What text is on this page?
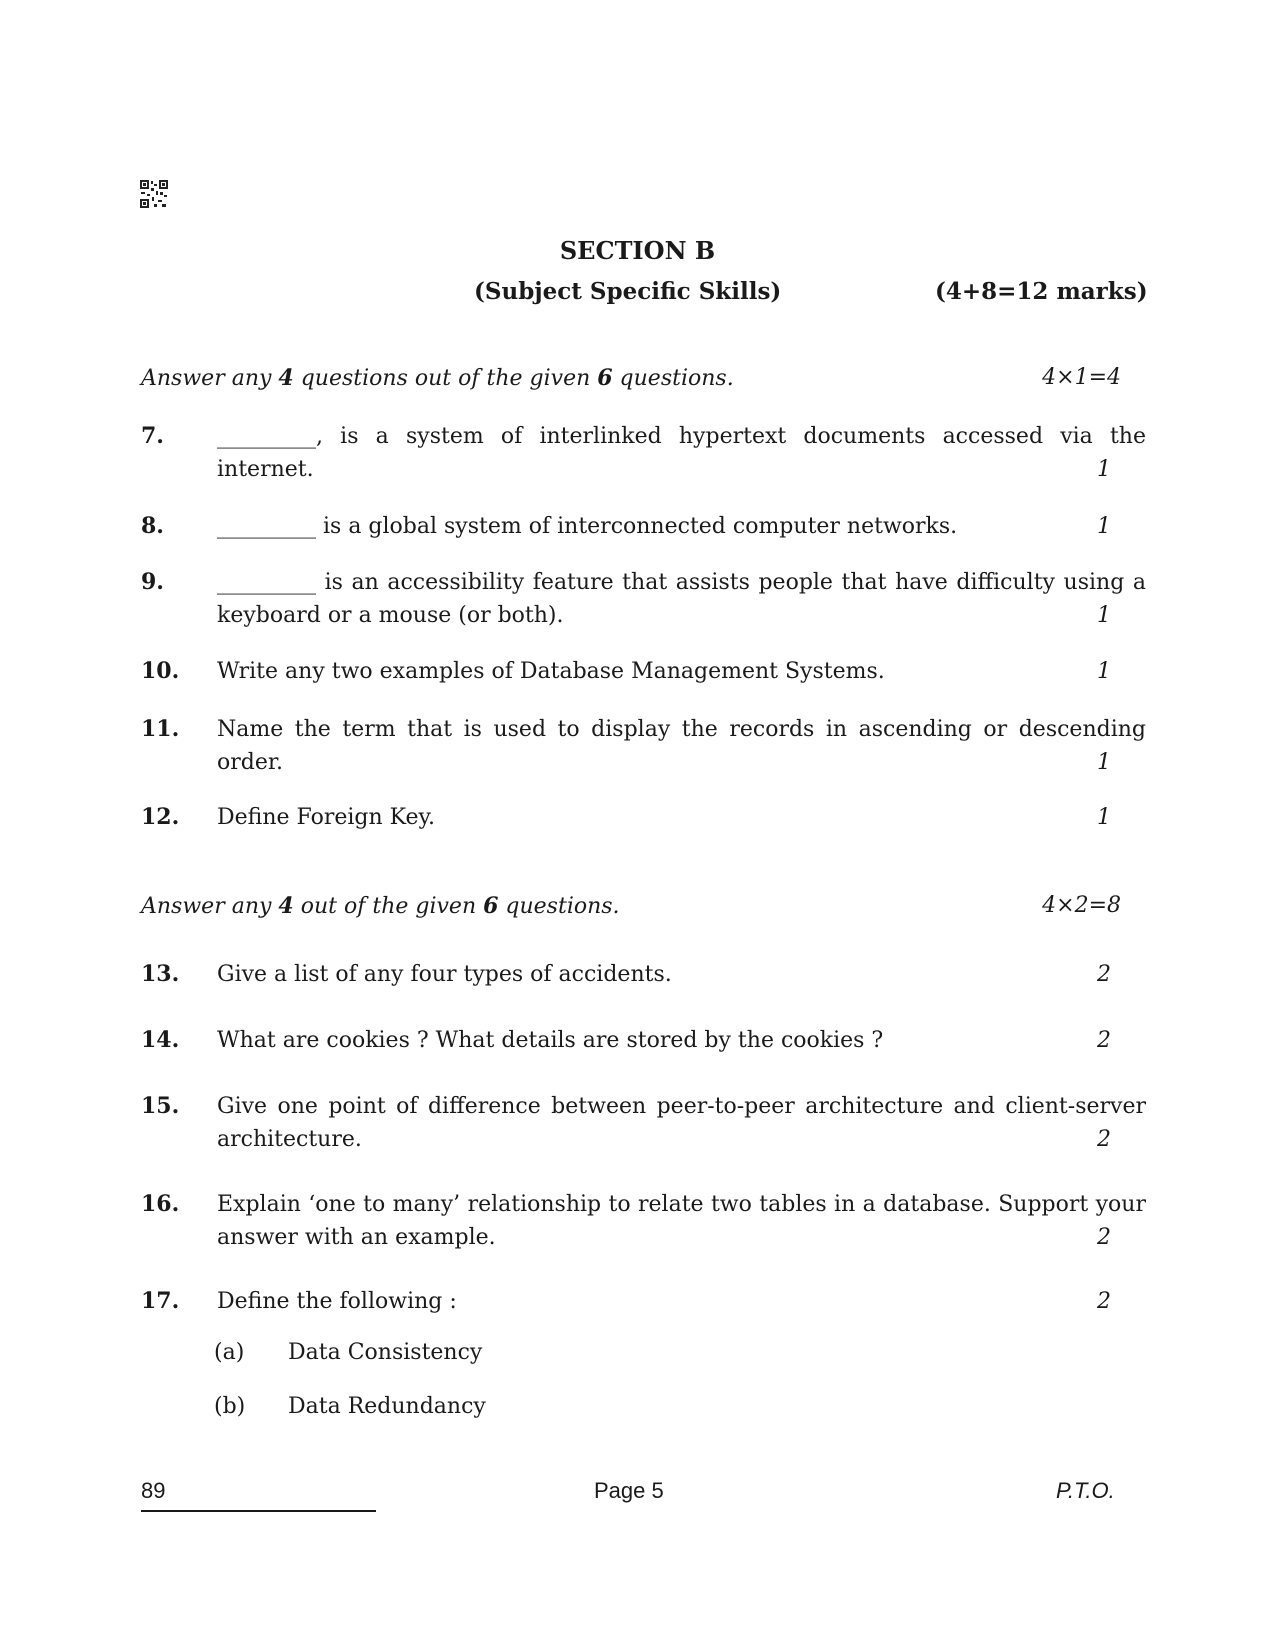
SECTION B
(Subject Specific Skills)	(4+8=12 marks)
Answer any 4 questions out of the given 6 questions.	4×1=4
7. _________, is a system of interlinked hypertext documents accessed via the internet.	1
8. _________ is a global system of interconnected computer networks.	1
9. _________ is an accessibility feature that assists people that have difficulty using a keyboard or a mouse (or both).	1
10. Write any two examples of Database Management Systems.	1
11. Name the term that is used to display the records in ascending or descending order.	1
12. Define Foreign Key.	1
Answer any 4 out of the given 6 questions.	4×2=8
13. Give a list of any four types of accidents.	2
14. What are cookies ? What details are stored by the cookies ?	2
15. Give one point of difference between peer-to-peer architecture and client-server architecture.	2
16. Explain ‘one to many’ relationship to relate two tables in a database. Support your answer with an example.	2
17. Define the following :	2
(a) Data Consistency
(b) Data Redundancy
89	Page 5	P.T.O.
